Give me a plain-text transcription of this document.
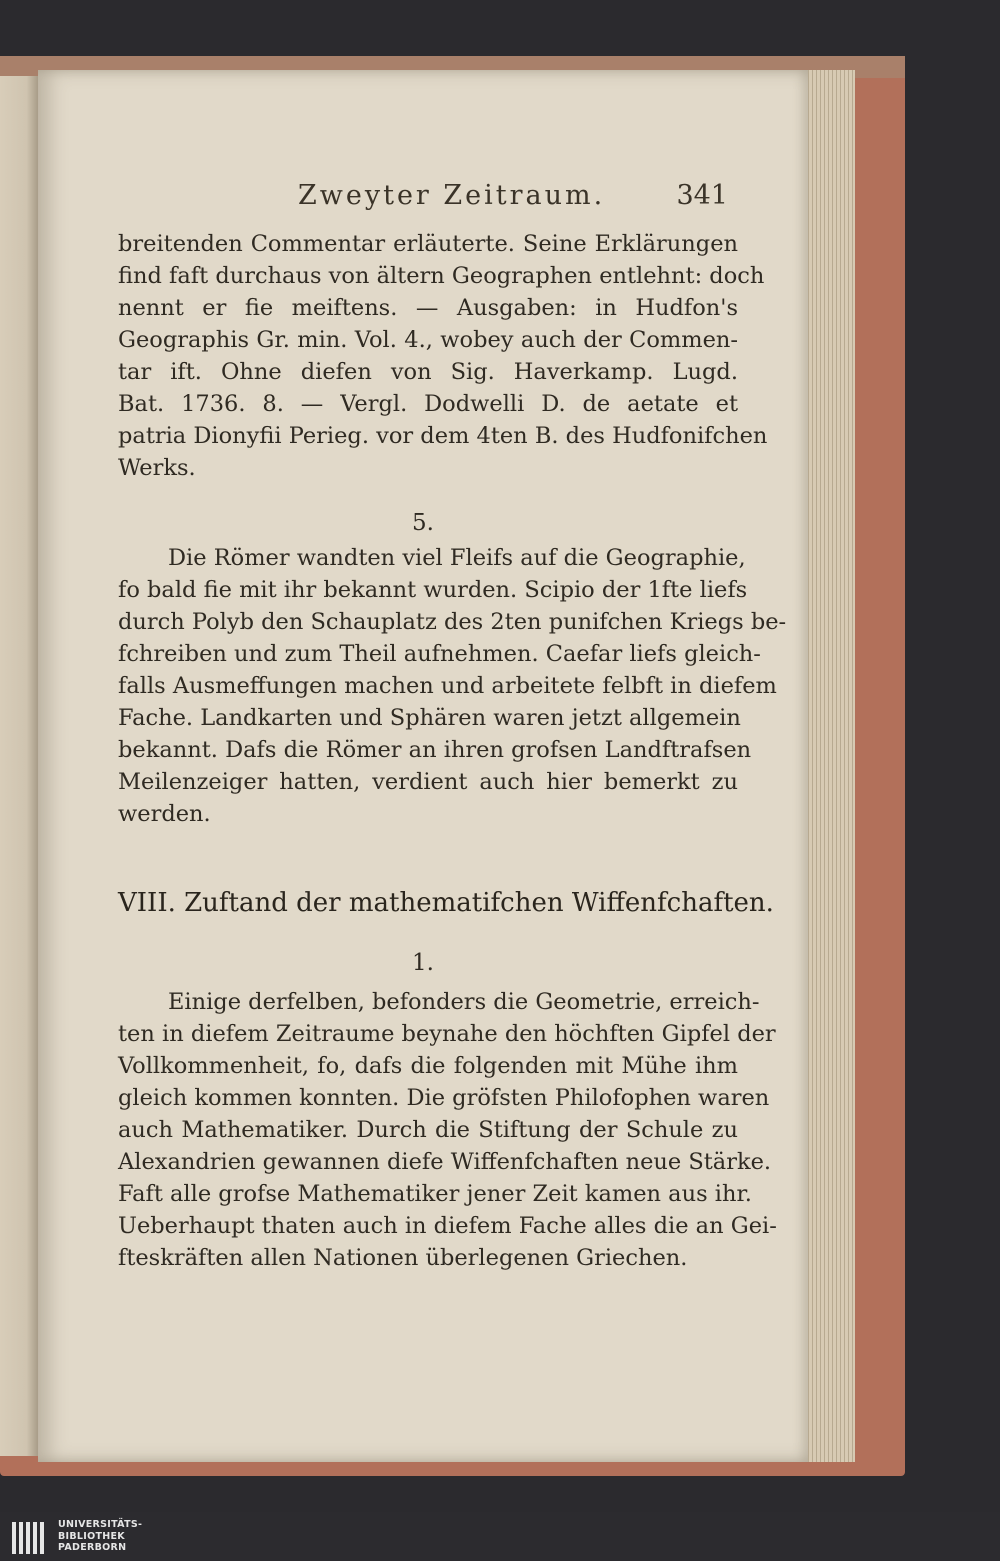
Zweyter Zeitraum.	341
breitenden Commentar erläuterte. Seine Erklärungen
find faft durchaus von ältern Geographen entlehnt: doch
nennt er fie meiftens. — Ausgaben: in Hudfon's
Geographis Gr. min. Vol. 4., wobey auch der Commen-
tar ift. Ohne diefen von Sig. Haverkamp. Lugd.
Bat. 1736. 8. — Vergl. Dodwelli D. de aetate et
patria Dionyfii Perieg. vor dem 4ten B. des Hudfonifchen
Werks.
5.
Die Römer wandten viel Fleifs auf die Geographie,
fo bald fie mit ihr bekannt wurden. Scipio der 1fte liefs
durch Polyb den Schauplatz des 2ten punifchen Kriegs be-
fchreiben und zum Theil aufnehmen. Caefar liefs gleich-
falls Ausmeffungen machen und arbeitete felbft in diefem
Fache. Landkarten und Sphären waren jetzt allgemein
bekannt. Dafs die Römer an ihren grofsen Landftrafsen
Meilenzeiger hatten, verdient auch hier bemerkt zu
werden.
VIII. Zuftand der mathematifchen Wiffenfchaften.
1.
Einige derfelben, befonders die Geometrie, erreich-
ten in diefem Zeitraume beynahe den höchften Gipfel der
Vollkommenheit, fo, dafs die folgenden mit Mühe ihm
gleich kommen konnten. Die gröfsten Philofophen waren
auch Mathematiker. Durch die Stiftung der Schule zu
Alexandrien gewannen diefe Wiffenfchaften neue Stärke.
Faft alle grofse Mathematiker jener Zeit kamen aus ihr.
Ueberhaupt thaten auch in diefem Fache alles die an Gei-
fteskräften allen Nationen überlegenen Griechen.
UNIVERSITÄTS-
BIBLIOTHEK
PADERBORN
